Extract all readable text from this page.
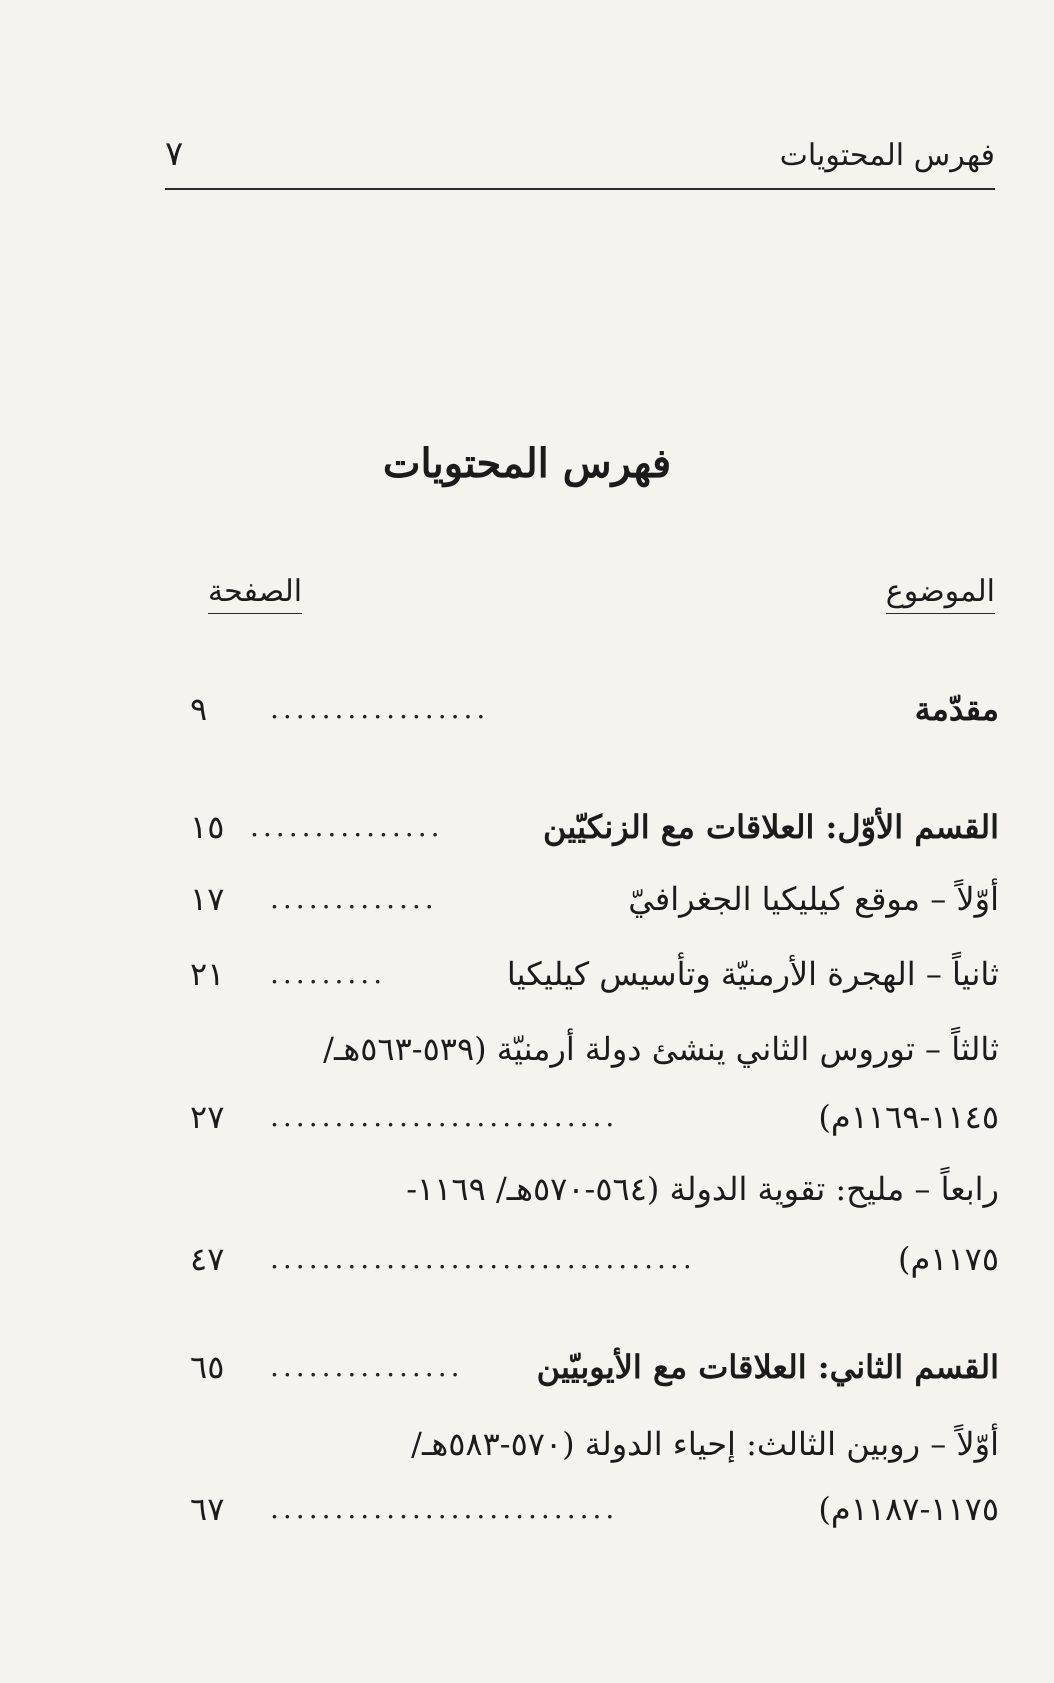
فهرس المحتويات
٧
فهرس المحتويات
الموضوع
الصفحة
مقدّمة
.................
٩
القسم الأوّل: العلاقات مع الزنكيّين
...............
١٥
أوّلاً – موقع كيليكيا الجغرافيّ
.............
١٧
ثانياً – الهجرة الأرمنيّة وتأسيس كيليكيا
.........
٢١
ثالثاً – توروس الثاني ينشئ دولة أرمنيّة (٥٣٩-٥٦٣هـ/
١١٤٥-١١٦٩م)
...........................
٢٧
رابعاً – مليح: تقوية الدولة (٥٦٤-٥٧٠هـ/ ١١٦٩-
١١٧٥م)
.................................
٤٧
القسم الثاني: العلاقات مع الأيوبيّين
...............
٦٥
أوّلاً – روبين الثالث: إحياء الدولة (٥٧٠-٥٨٣هـ/
١١٧٥-١١٨٧م)
...........................
٦٧
